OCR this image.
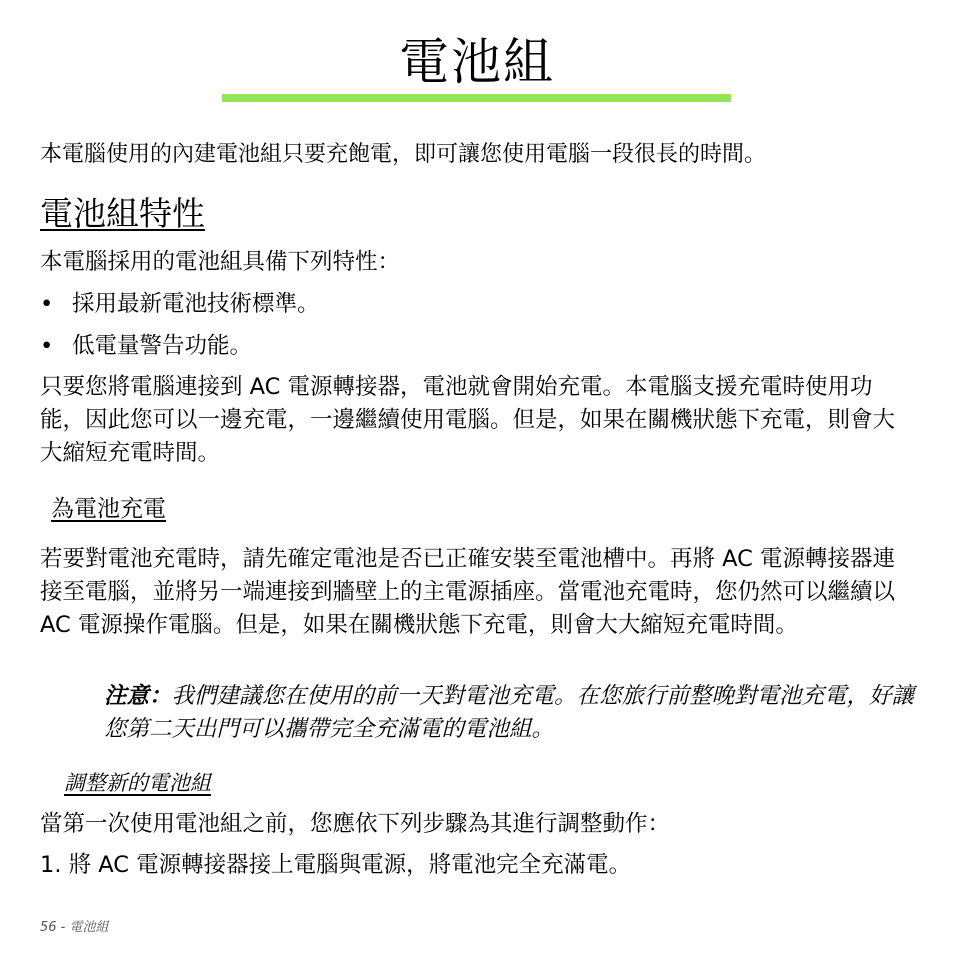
電池組
本電腦使用的內建電池組只要充飽電，即可讓您使用電腦一段很長的時間。
電池組特性
本電腦採用的電池組具備下列特性：
• 採用最新電池技術標準。
• 低電量警告功能。
只要您將電腦連接到 AC 電源轉接器，電池就會開始充電。本電腦支援充電時使用功能，因此您可以一邊充電，一邊繼續使用電腦。但是，如果在關機狀態下充電，則會大大縮短充電時間。
為電池充電
若要對電池充電時，請先確定電池是否已正確安裝至電池槽中。再將 AC 電源轉接器連接至電腦，並將另一端連接到牆壁上的主電源插座。當電池充電時，您仍然可以繼續以 AC 電源操作電腦。但是，如果在關機狀態下充電，則會大大縮短充電時間。
注意：我們建議您在使用的前一天對電池充電。在您旅行前整晚對電池充電，好讓您第二天出門可以攜帶完全充滿電的電池組。
調整新的電池組
當第一次使用電池組之前，您應依下列步驟為其進行調整動作：
1. 將 AC 電源轉接器接上電腦與電源，將電池完全充滿電。
56 - 電池組
